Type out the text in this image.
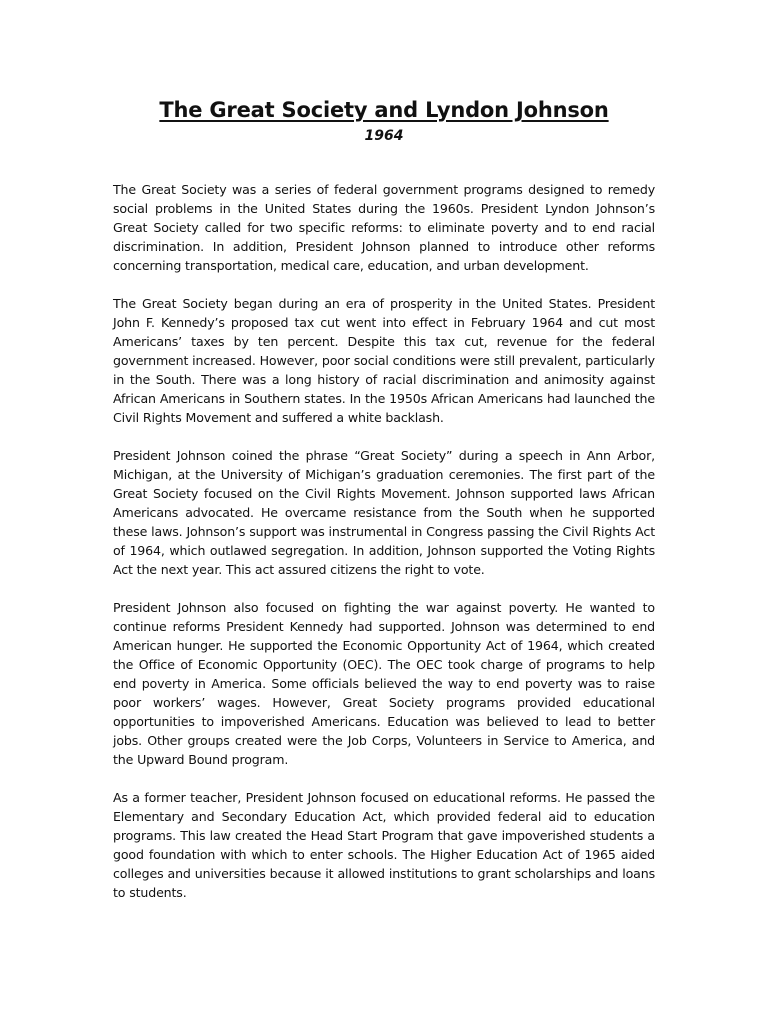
The Great Society and Lyndon Johnson

1964

The Great Society was a series of federal government programs designed to remedy social problems in the United States during the 1960s. President Lyndon Johnson’s Great Society called for two specific reforms: to eliminate poverty and to end racial discrimination. In addition, President Johnson planned to introduce other reforms concerning transportation, medical care, education, and urban development.

The Great Society began during an era of prosperity in the United States. President John F. Kennedy’s proposed tax cut went into effect in February 1964 and cut most Americans’ taxes by ten percent. Despite this tax cut, revenue for the federal government increased. However, poor social conditions were still prevalent, particularly in the South. There was a long history of racial discrimination and animosity against African Americans in Southern states. In the 1950s African Americans had launched the Civil Rights Movement and suffered a white backlash.

President Johnson coined the phrase “Great Society” during a speech in Ann Arbor, Michigan, at the University of Michigan’s graduation ceremonies. The first part of the Great Society focused on the Civil Rights Movement. Johnson supported laws African Americans advocated. He overcame resistance from the South when he supported these laws. Johnson’s support was instrumental in Congress passing the Civil Rights Act of 1964, which outlawed segregation. In addition, Johnson supported the Voting Rights Act the next year. This act assured citizens the right to vote.

President Johnson also focused on fighting the war against poverty. He wanted to continue reforms President Kennedy had supported. Johnson was determined to end American hunger. He supported the Economic Opportunity Act of 1964, which created the Office of Economic Opportunity (OEC). The OEC took charge of programs to help end poverty in America. Some officials believed the way to end poverty was to raise poor workers’ wages. However, Great Society programs provided educational opportunities to impoverished Americans. Education was believed to lead to better jobs. Other groups created were the Job Corps, Volunteers in Service to America, and the Upward Bound program.

As a former teacher, President Johnson focused on educational reforms. He passed the Elementary and Secondary Education Act, which provided federal aid to education programs. This law created the Head Start Program that gave impoverished students a good foundation with which to enter schools. The Higher Education Act of 1965 aided colleges and universities because it allowed institutions to grant scholarships and loans to students.
